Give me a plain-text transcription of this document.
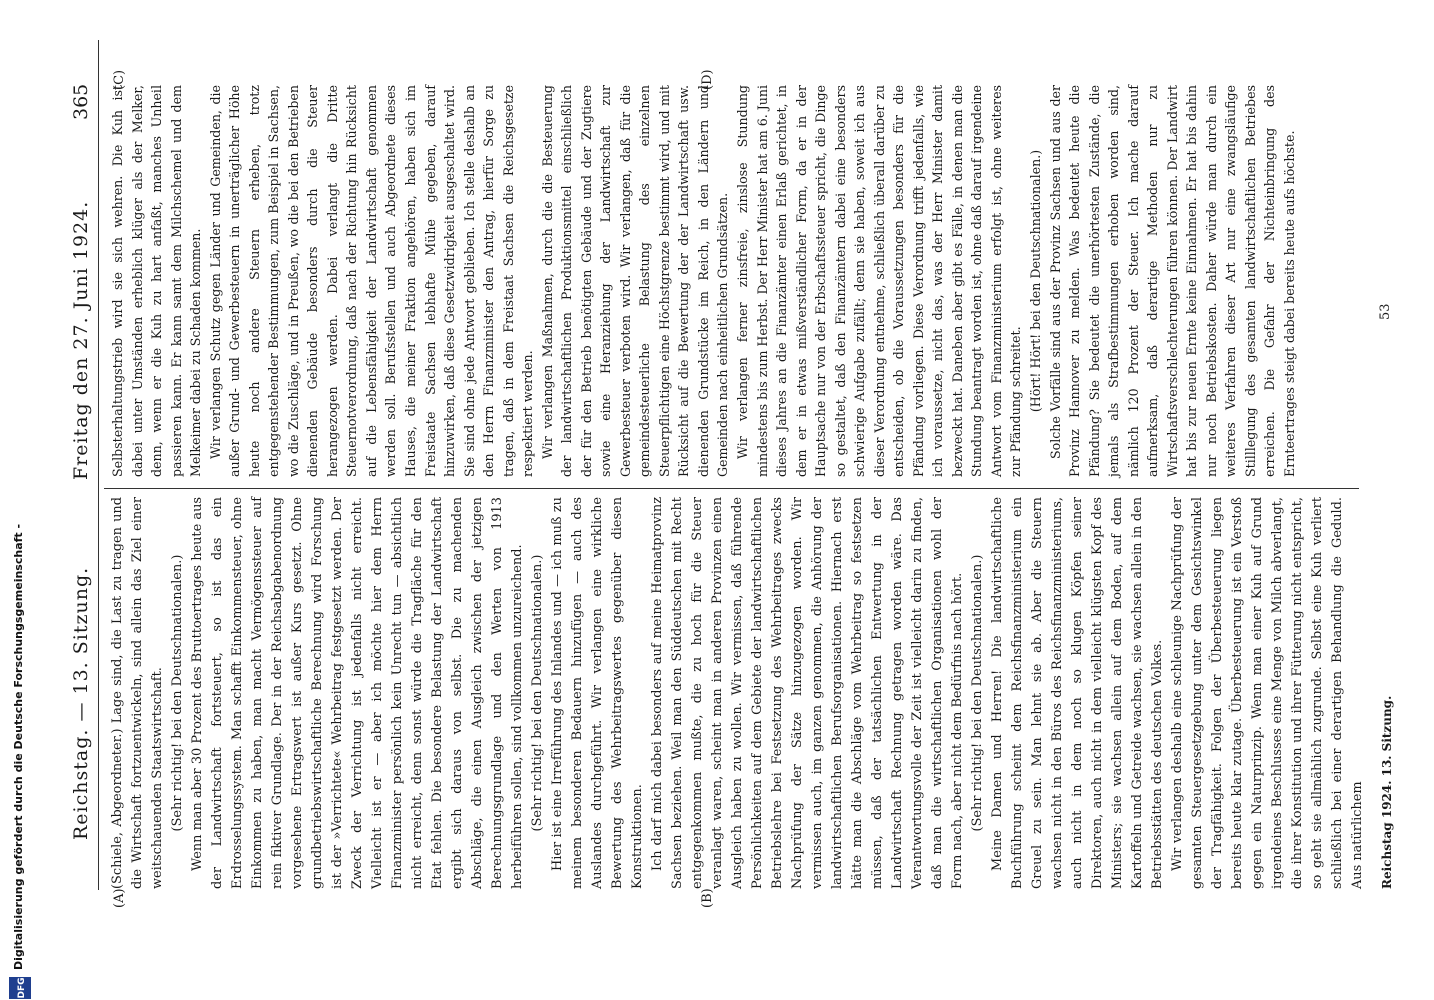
DFG
Digitalisierung gefördert durch die Deutsche Forschungsgemeinschaft - Reichstag. — 13. Sitzung.
Freitag den 27. Juni 1924.
365
(A)	(B)
(C)	(D)

(Schiele, Abgeordneter.) Lage sind, die Last zu tragen und die Wirtschaft fortzuentwickeln, sind allein das Ziel einer weitschauenden Staatswirtschaft. (Sehr richtig! bei den Deutschnationalen.) Wenn man aber 30 Prozent des Bruttoertrages heute aus der Landwirtschaft fortsteuert, so ist das ein Erdrosselungssystem. Man schafft Einkommensteuer, ohne Einkommen zu haben, man macht Vermögenssteuer auf rein fiktiver Grundlage. Der in der Reichsabgabenordnung vorgesehene Ertragswert ist außer Kurs gesetzt. Ohne grundbetriebswirtschaftliche Berechnung wird Forschung ist der »Verrichtete« Wehrbeitrag festgesetzt werden. Der Zweck der Verrichtung ist jedenfalls nicht erreicht. Vielleicht ist er — aber ich möchte hier dem Herrn Finanzminister persönlich kein Unrecht tun — absichtlich nicht erreicht, denn sonst würde die Tragfläche für den Etat fehlen. Die besondere Belastung der Landwirtschaft ergibt sich daraus von selbst. Die zu machenden Abschläge, die einen Ausgleich zwischen der jetzigen Berechnungsgrundlage und den Werten von 1913 herbeiführen sollen, sind vollkommen unzureichend. (Sehr richtig! bei den Deutschnationalen.) Hier ist eine Irreführung des Inlandes und — ich muß zu meinem besonderen Bedauern hinzufügen — auch des Auslandes durchgeführt. Wir verlangen eine wirkliche Bewertung des Wehrbeitragswertes gegenüber diesen Konstruktionen. Ich darf mich dabei besonders auf meine Heimatprovinz Sachsen beziehen. Weil man den Süddeutschen mit Recht entgegenkommen mußte, die zu hoch für die Steuer veranlagt waren, scheint man in anderen Provinzen einen Ausgleich haben zu wollen. Wir vermissen, daß führende Persönlichkeiten auf dem Gebiete der landwirtschaftlichen Betriebslehre bei Festsetzung des Wehrbeitrages zwecks Nachprüfung der Sätze hinzugezogen worden. Wir vermissen auch, im ganzen genommen, die Anhörung der landwirtschaftlichen Berufsorganisationen. Hiernach erst hätte man die Abschläge vom Wehrbeitrag so festsetzen müssen, daß der tatsächlichen Entwertung in der Landwirtschaft Rechnung getragen worden wäre. Das Verantwortungsvolle der Zeit ist vielleicht darin zu finden, daß man die wirtschaftlichen Organisationen wohl der Form nach, aber nicht dem Bedürfnis nach hört. (Sehr richtig! bei den Deutschnationalen.) Meine Damen und Herren! Die landwirtschaftliche Buchführung scheint dem Reichsfinanzministerium ein Greuel zu sein. Man lehnt sie ab. Aber die Steuern wachsen nicht in den Büros des Reichsfinanzministeriums, auch nicht in dem noch so klugen Köpfen seiner Direktoren, auch nicht in dem vielleicht klügsten Kopf des Ministers; sie wachsen allein auf dem Boden, auf dem Kartoffeln und Getreide wachsen, sie wachsen allein in den Betriebsstätten des deutschen Volkes. Wir verlangen deshalb eine schleunige Nachprüfung der gesamten Steuergesetzgebung unter dem Gesichtswinkel der Tragfähigkeit. Folgen der Überbesteuerung liegen bereits heute klar zutage. Überbesteuerung ist ein Verstoß gegen ein Naturprinzip. Wenn man einer Kuh auf Grund irgendeines Beschlusses eine Menge von Milch abverlangt, die ihrer Konstitution und ihrer Fütterung nicht entspricht, so geht sie allmählich zugrunde. Selbst eine Kuh verliert schließlich bei einer derartigen Behandlung die Geduld. Aus natürlichem

Selbsterhaltungstrieb wird sie sich wehren. Die Kuh ist dabei unter Umständen erheblich klüger als der Melker, denn, wenn er die Kuh zu hart anfaßt, manches Unheil passieren kann. Er kann samt dem Milchschemel und dem Melkeimer dabei zu Schaden kommen. Wir verlangen Schutz gegen Länder und Gemeinden, die außer Grund- und Gewerbesteuern in unerträglicher Höhe heute noch andere Steuern erheben, trotz entgegenstehender Bestimmungen, zum Beispiel in Sachsen, wo die Zuschläge, und in Preußen, wo die bei den Betrieben dienenden Gebäude besonders durch die Steuer herangezogen werden. Dabei verlangt die Dritte Steuernotverordnung, daß nach der Richtung hin Rücksicht auf die Lebensfähigkeit der Landwirtschaft genommen werden soll. Berufsstellen und auch Abgeordnete dieses Hauses, die meiner Fraktion angehören, haben sich im Freistaate Sachsen lebhafte Mühe gegeben, darauf hinzuwirken, daß diese Gesetzwidrigkeit ausgeschaltet wird. Sie sind ohne jede Antwort geblieben. Ich stelle deshalb an den Herrn Finanzminister den Antrag, hierfür Sorge zu tragen, daß in dem Freistaat Sachsen die Reichsgesetze respektiert werden. Wir verlangen Maßnahmen, durch die die Besteuerung der landwirtschaftlichen Produktionsmittel einschließlich der für den Betrieb benötigten Gebäude und der Zugtiere sowie eine Heranziehung der Landwirtschaft zur Gewerbesteuer verboten wird. Wir verlangen, daß für die gemeindesteuerliche Belastung des einzelnen Steuerpflichtigen eine Höchstgrenze bestimmt wird, und mit Rücksicht auf die Bewertung der der Landwirtschaft usw. dienenden Grundstücke im Reich, in den Ländern und Gemeinden nach einheitlichen Grundsätzen. Wir verlangen ferner zinsfreie, zinslose Stundung mindestens bis zum Herbst. Der Herr Minister hat am 6. Juni dieses Jahres an die Finanzämter einen Erlaß gerichtet, in dem er in etwas mißverständlicher Form, da er in der Hauptsache nur von der Erbschaftssteuer spricht, die Dinge so gestaltet, daß den Finanzämtern dabei eine besonders schwierige Aufgabe zufällt; denn sie haben, soweit ich aus dieser Verordnung entnehme, schließlich überall darüber zu entscheiden, ob die Voraussetzungen besonders für die Pfändung vorliegen. Diese Verordnung trifft jedenfalls, wie ich voraussetze, nicht das, was der Herr Minister damit bezweckt hat. Daneben aber gibt es Fälle, in denen man die Stundung beantragt worden ist, ohne daß darauf irgendeine Antwort vom Finanzministerium erfolgt ist, ohne weiteres zur Pfändung schreitet. (Hört! Hört! bei den Deutschnationalen.) Solche Vorfälle sind aus der Provinz Sachsen und aus der Provinz Hannover zu melden. Was bedeutet heute die Pfändung? Sie bedeutet die unerhörtesten Zustände, die jemals als Strafbestimmungen erhoben worden sind, nämlich 120 Prozent der Steuer. Ich mache darauf aufmerksam, daß derartige Methoden nur zu Wirtschaftsverschlechterungen führen können. Der Landwirt hat bis zur neuen Ernte keine Einnahmen. Er hat bis dahin nur noch Betriebskosten. Daher würde man durch ein weiteres Verfahren dieser Art nur eine zwangsläufige Stilllegung des gesamten landwirtschaftlichen Betriebes erreichen. Die Gefahr der Nichteinbringung des Ernteertrages steigt dabei bereits heute aufs höchste.

Reichstag 1924. 13. Sitzung.
53
